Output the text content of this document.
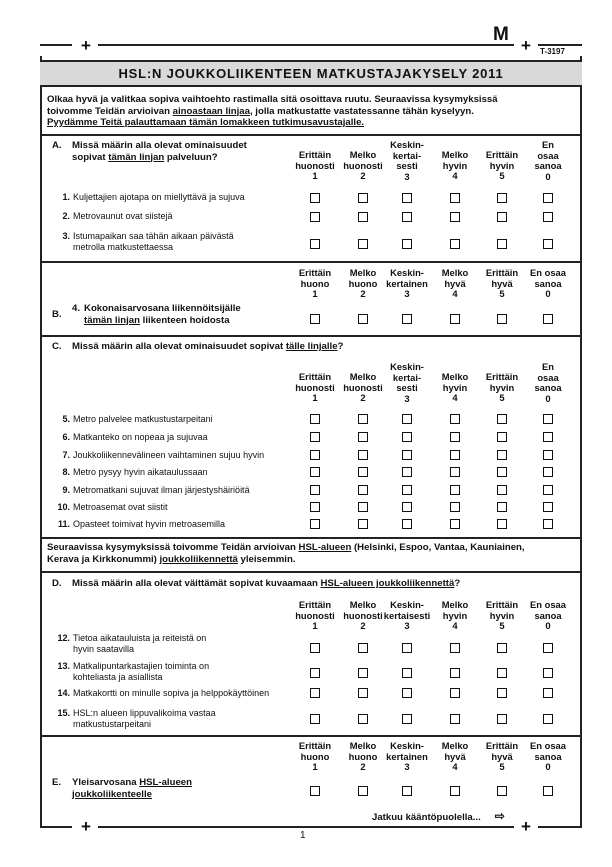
+
M
+ T-3197
HSL:N JOUKKOLIIKENTEEN MATKUSTAJAKYSELY 2011
Olkaa hyvä ja valitkaa sopiva vaihtoehto rastimalla sitä osoittava ruutu. Seuraavissa kysymyksissä
toivomme Teidän arvioivan ainoastaan linjaa, jolla matkustatte vastatessanne tähän kyselyyn.
Pyydämme Teitä palauttamaan tämän lomakkeen tutkimusavustajalle.
A. Missä määrin alla olevat ominaisuudet
sopivat tämän linjan palveluun?	Erittäin
huonosti
1
Melko
huonosti
2
Keskin-
kertai-
sesti
3
Melko
hyvin
4
Erittäin
hyvin
5
En
osaa
sanoa
0
1. Kuljettajien ajotapa on miellyttävä ja sujuva
2. Metrovaunut ovat siistejä
3. Istumapaikan saa tähän aikaan päivästä
metrolla matkustettaessa
Erittäin
huono
1
Melko
huono
2
Keskin-
kertainen
3
Melko
hyvä
4
Erittäin
hyvä
5
En osaa
sanoa
0
B.
4. Kokonaisarvosana liikennöitsijälle
tämän linjan liikenteen hoidosta
C. Missä määrin alla olevat ominaisuudet sopivat tälle linjalle?
Erittäin
huonosti
1
Melko
huonosti
2
Keskin-
kertai-
sesti
3
Melko
hyvin
4
Erittäin
hyvin
5
En
osaa
sanoa
0
5. Metro palvelee matkustustarpeitani
6. Matkanteko on nopeaa ja sujuvaa
7. Joukkoliikennevälineen vaihtaminen sujuu hyvin
8. Metro pysyy hyvin aikataulussaan
9. Metromatkani sujuvat ilman järjestyshäiriöitä
10. Metroasemat ovat siistit
11. Opasteet toimivat hyvin metroasemilla
Seuraavissa kysymyksissä toivomme Teidän arvioivan HSL-alueen (Helsinki, Espoo, Vantaa, Kauniainen,
Kerava ja Kirkkonummi) joukkoliikennettä yleisemmin.
D. Missä määrin alla olevat väittämät sopivat kuvaamaan HSL-alueen joukkoliikennettä?
Erittäin
huonosti
1
Melko
huonosti
2
Keskin-
kertaisesti
3
Melko
hyvin
4
Erittäin
hyvin
5
En osaa
sanoa
0
12. Tietoa aikatauluista ja reiteistä on
hyvin saatavilla
13. Matkalipuntarkastajien toiminta on
kohteliasta ja asiallista
14. Matkakortti on minulle sopiva ja helppokäyttöinen
15. HSL:n alueen lippuvalikoima vastaa
matkustustarpeitani
Erittäin
huono
1
Melko
huono
2
Keskin-
kertainen
3
Melko
hyvä
4
Erittäin
hyvä
5
En osaa
sanoa
0
E. Yleisarvosana HSL-alueen
joukkoliikenteelle
Jatkuu kääntöpuolella... ⇨
+	+
1
